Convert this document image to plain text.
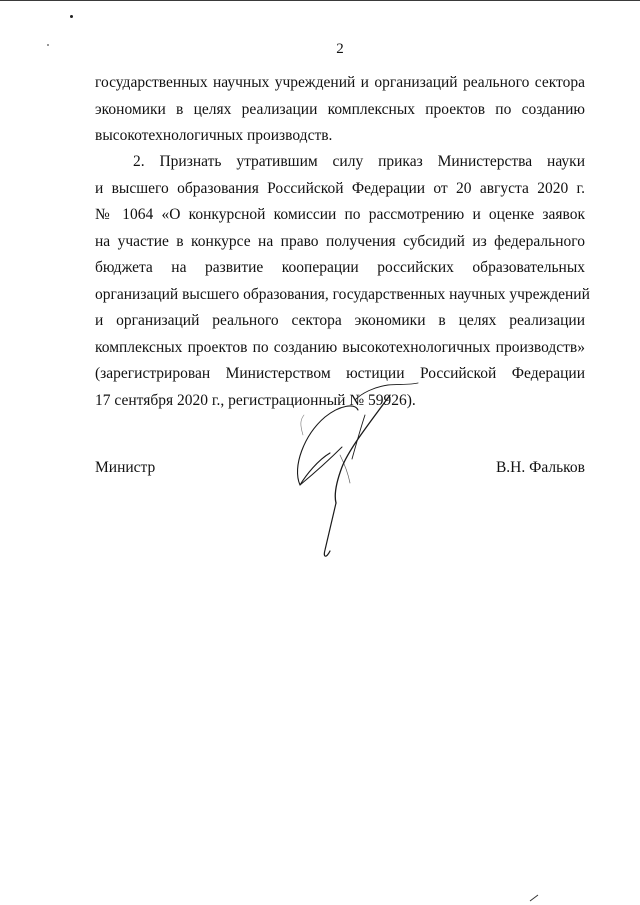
2
государственных научных учреждений и организаций реального сектора
экономики в целях реализации комплексных проектов по созданию
высокотехнологичных производств.
2. Признать утратившим силу приказ Министерства науки
и высшего образования Российской Федерации от 20 августа 2020 г.
№ 1064 «О конкурсной комиссии по рассмотрению и оценке заявок
на участие в конкурсе на право получения субсидий из федерального
бюджета на развитие кооперации российских образовательных
организаций высшего образования, государственных научных учреждений
и организаций реального сектора экономики в целях реализации
комплексных проектов по созданию высокотехнологичных производств»
(зарегистрирован Министерством юстиции Российской Федерации
17 сентября 2020 г., регистрационный № 59926).
Министр	В.Н. Фальков
